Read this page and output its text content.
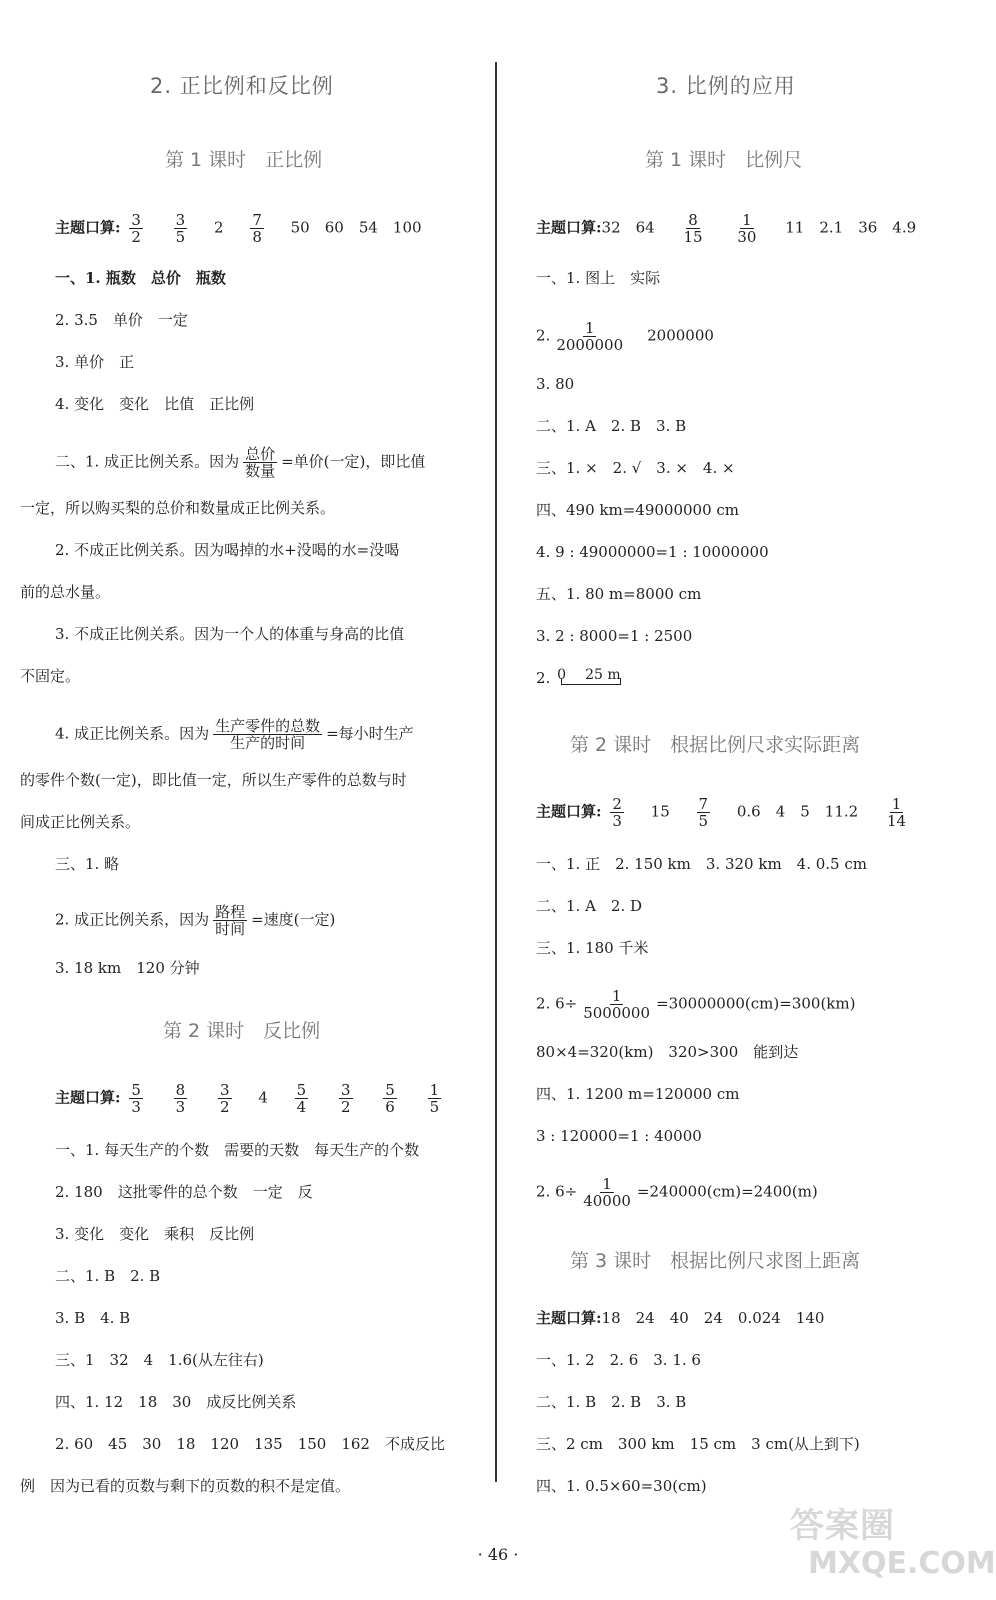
2. 正比例和反比例
第 1 课时　正比例
主题口算: $\frac{3}{2}$
$\frac{3}{5} 2 \frac{7}{8} 50$　60　54　100
一、1. 瓶数　总价　瓶数
2. 3.5　单价　一定
3. 单价　正
4. 变化　变化　比值　正比例
二、1. 成正比例关系。因为 $\frac{\text{总价}}{\text{数量}}$ =单价(一定)，即比值
一定，所以购买梨的总价和数量成正比例关系。
2. 不成正比例关系。因为喝掉的水+没喝的水=没喝
前的总水量。
3. 不成正比例关系。因为一个人的体重与身高的比值
不固定。
4. 成正比例关系。因为 $\frac{\text{生产零件的总数}}{\text{生产的时间}}$ =每小时生产
的零件个数(一定)，即比值一定，所以生产零件的总数与时
间成正比例关系。
三、1. 略
2. 成正比例关系，因为 $\frac{\text{路程}}{\text{时间}}$ =速度(一定)
3. 18 km　120 分钟
第 2 课时　反比例
主题口算: $\frac{5}{3}$
$\frac{8}{3}$
$\frac{3}{2} 4 \frac{5}{4}$
$\frac{3}{2}$
$\frac{5}{6}$
$\frac{1}{5}$
一、1. 每天生产的个数　需要的天数　每天生产的个数
2. 180　这批零件的总个数　一定　反
3. 变化　变化　乘积　反比例
二、1. B　2. B
3. B　4. B
三、1　32　4　1.6(从左往右)
四、1. 12　18　30　成反比例关系
2. 60　45　30　18　120　135　150　162　不成反比
例　因为已看的页数与剩下的页数的积不是定值。
3. 比例的应用
第 1 课时　比例尺
主题口算:32　$64 \frac{8}{15}$
$\frac{1}{30} 11$　2.1　36　4.9
一、1. 图上　实际
2. $\frac{1}{2000000} 2000000$
3. 80
二、1. A　2. B　3. B
三、1. ×　2. √　3. ×　4. ×
四、490 km=49000000 cm
4. 9 : 49000000=1 : 10000000
五、1. 80 m=8000 cm
3. 2 : 8000=1 : 2500
2. 0 25 m
第 2 课时　根据比例尺求实际距离
主题口算: $\frac{2}{3} 15 \frac{7}{5} 0.6$　4　5　$11.2 \frac{1}{14}$
一、1. 正　2. 150 km　3. 320 km　4. 0.5 cm
二、1. A　2. D
三、1. 180 千米
2. $6\div \frac{1}{5000000} =30000000(cm)=300(km)$
80×4=320(km)　320>300　能到达
四、1. 1200 m=120000 cm
3 : 120000=1 : 40000
2. $6\div \frac{1}{40000} =240000(cm)=2400(m)$
第 3 课时　根据比例尺求图上距离
主题口算:18　24　40　24　0.024　140
一、1. 2　2. 6　3. 1. 6
二、1. B　2. B　3. B
三、2 cm　300 km　15 cm　3 cm(从上到下)
四、1. 0.5×60=30(cm)
· 46 ·
答案圈
MXQE.COM
